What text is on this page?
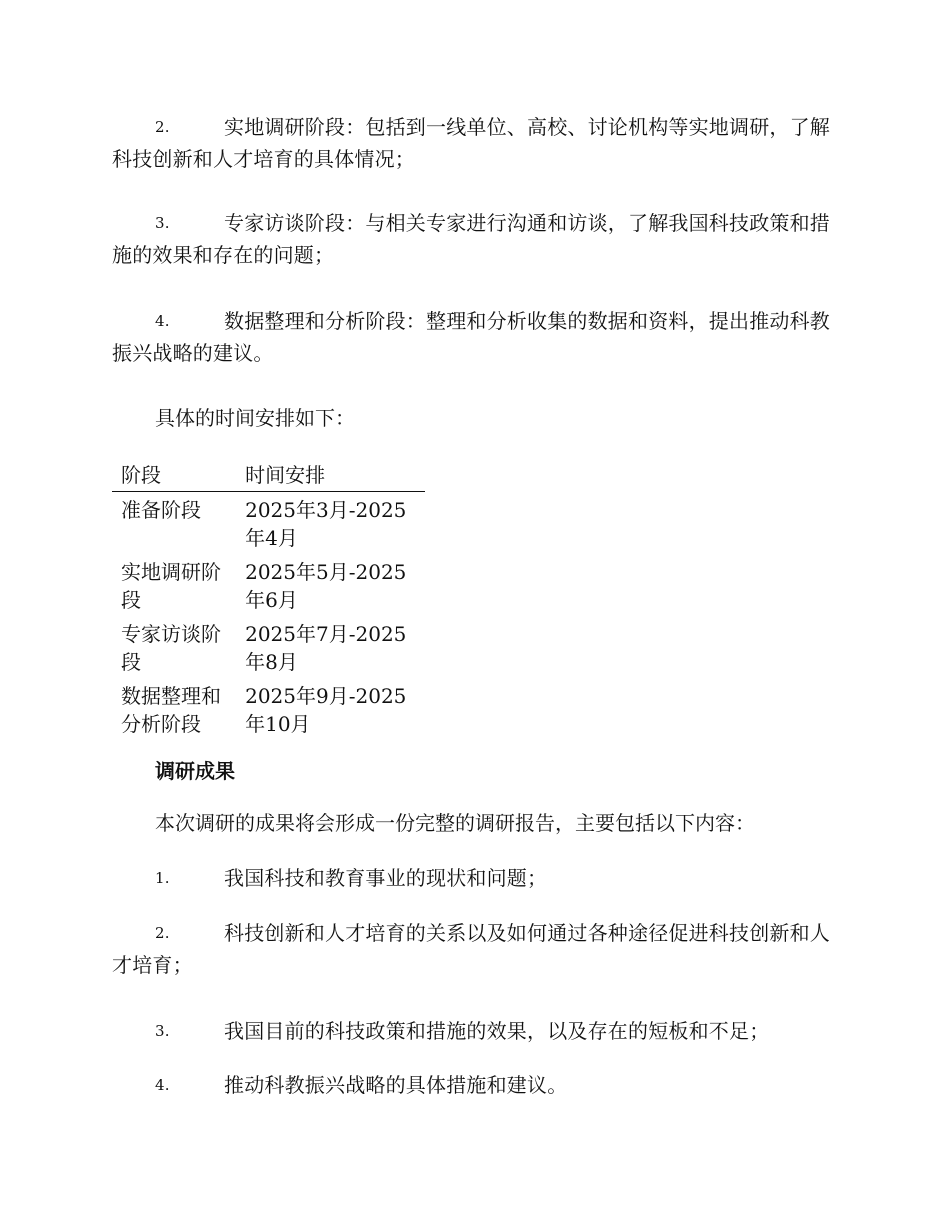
2.	实地调研阶段：包括到一线单位、高校、讨论机构等实地调研，了解科技创新和人才培育的具体情况；
3.	专家访谈阶段：与相关专家进行沟通和访谈，了解我国科技政策和措施的效果和存在的问题；
4.	数据整理和分析阶段：整理和分析收集的数据和资料，提出推动科教振兴战略的建议。
具体的时间安排如下：
阶段	时间安排
准备阶段	2025年3月-2025年4月
实地调研阶段	2025年5月-2025年6月
专家访谈阶段	2025年7月-2025年8月
数据整理和分析阶段	2025年9月-2025年10月
调研成果
本次调研的成果将会形成一份完整的调研报告，主要包括以下内容：
1.	我国科技和教育事业的现状和问题；
2.	科技创新和人才培育的关系以及如何通过各种途径促进科技创新和人才培育；
3.	我国目前的科技政策和措施的效果，以及存在的短板和不足；
4.	推动科教振兴战略的具体措施和建议。
